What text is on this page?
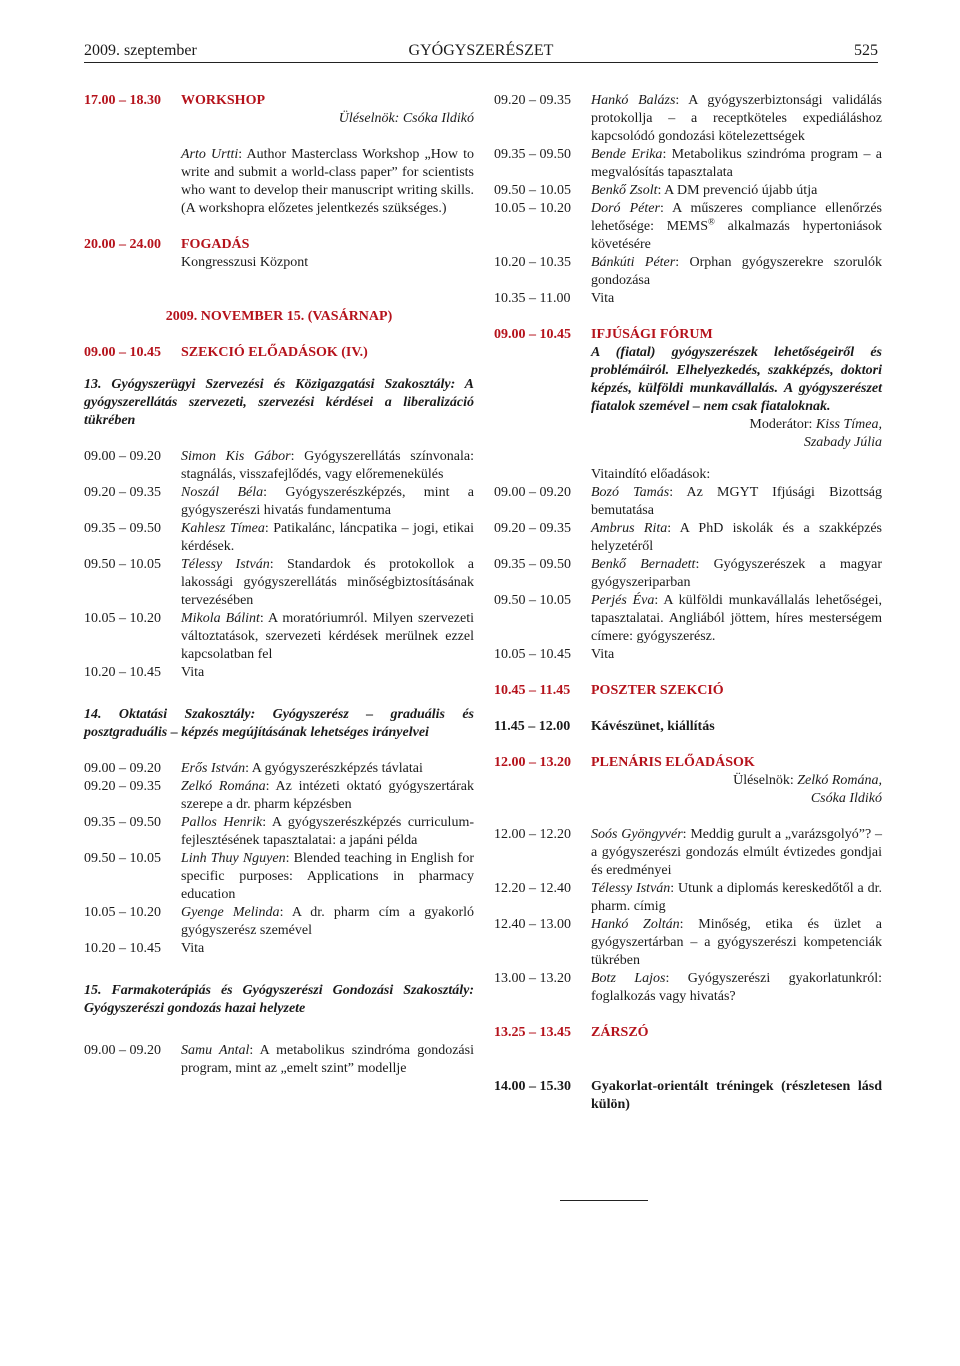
2009. szeptember	GYÓGYSZERÉSZET	525
17.00 – 18.30	WORKSHOP
Üléselnök: Csóka Ildikó
Arto Urtti: Author Masterclass Workshop „How to write and submit a world-class paper” for scientists who want to develop their manuscript writing skills. (A workshopra előzetes jelentkezés szükséges.)
20.00 – 24.00	FOGADÁS
Kongresszusi Központ
2009. NOVEMBER 15. (VASÁRNAP)
09.00 – 10.45	SZEKCIÓ ELŐADÁSOK (IV.)
13. Gyógyszerügyi Szervezési és Közigazgatási Szakosztály: A gyógyszerellátás szervezeti, szervezési kérdései a liberalizáció tükrében
09.00 – 09.20	Simon Kis Gábor: Gyógyszerellátás színvonala: stagnálás, visszafejlődés, vagy előremenekülés
09.20 – 09.35	Noszál Béla: Gyógyszerészképzés, mint a gyógyszerészi hivatás fundamentuma
09.35 – 09.50	Kahlesz Tímea: Patikalánc, láncpatika – jogi, etikai kérdések.
09.50 – 10.05	Télessy István: Standardok és protokollok a lakossági gyógyszerellátás minőségbiztosításának tervezésében
10.05 – 10.20	Mikola Bálint: A moratóriumról. Milyen szervezeti változtatások, szervezeti kérdések merülnek ezzel kapcsolatban fel
10.20 – 10.45	Vita
14. Oktatási Szakosztály: Gyógyszerész – graduális és posztgraduális – képzés megújításának lehetséges irányelvei
09.00 – 09.20	Erős István: A gyógyszerészképzés távlatai
09.20 – 09.35	Zelkó Romána: Az intézeti oktató gyógyszertárak szerepe a dr. pharm képzésben
09.35 – 09.50	Pallos Henrik: A gyógyszerészképzés curriculum-fejlesztésének tapasztalatai: a japáni példa
09.50 – 10.05	Linh Thuy Nguyen: Blended teaching in English for specific purposes: Applications in pharmacy education
10.05 – 10.20	Gyenge Melinda: A dr. pharm cím a gyakorló gyógyszerész szemével
10.20 – 10.45	Vita
15. Farmakoterápiás és Gyógyszerészi Gondozási Szakosztály: Gyógyszerészi gondozás hazai helyzete
09.00 – 09.20	Samu Antal: A metabolikus szindróma gondozási program, mint az „emelt szint” modellje
09.20 – 09.35	Hankó Balázs: A gyógyszerbiztonsági validálás protokollja – a receptköteles expediáláshoz kapcsolódó gondozási kötelezettségek
09.35 – 09.50	Bende Erika: Metabolikus szindróma program – a megvalósítás tapasztalata
09.50 – 10.05	Benkő Zsolt: A DM prevenció újabb útja
10.05 – 10.20	Doró Péter: A műszeres compliance ellenőrzés lehetősége: MEMS® alkalmazás hypertoniások követésére
10.20 – 10.35	Bánkúti Péter: Orphan gyógyszerekre szorulók gondozása
10.35 – 11.00	Vita
09.00 – 10.45	IFJÚSÁGI FÓRUM
A (fiatal) gyógyszerészek lehetőségeiről és problémáiról. Elhelyezkedés, szakképzés, doktori képzés, külföldi munkavállalás. A gyógyszerészet fiatalok szemével – nem csak fiataloknak.
Moderátor: Kiss Tímea,
Szabady Júlia
Vitaindító előadások:
09.00 – 09.20	Bozó Tamás: Az MGYT Ifjúsági Bizottság bemutatása
09.20 – 09.35	Ambrus Rita: A PhD iskolák és a szakképzés helyzetéről
09.35 – 09.50	Benkő Bernadett: Gyógyszerészek a magyar gyógyszeriparban
09.50 – 10.05	Perjés Éva: A külföldi munkavállalás lehetőségei, tapasztalatai. Angliából jöttem, híres mesterségem címere: gyógyszerész.
10.05 – 10.45	Vita
10.45 – 11.45	POSZTER SZEKCIÓ
11.45 – 12.00	Kávészünet, kiállítás
12.00 – 13.20	PLENÁRIS ELŐADÁSOK
Üléselnök: Zelkó Romána,
Csóka Ildikó
12.00 – 12.20	Soós Gyöngyvér: Meddig gurult a „varázsgolyó”? – a gyógyszerészi gondozás elmúlt évtizedes gondjai és eredményei
12.20 – 12.40	Télessy István: Utunk a diplomás kereskedőtől a dr. pharm. címig
12.40 – 13.00	Hankó Zoltán: Minőség, etika és üzlet a gyógyszertárban – a gyógyszerészi kompetenciák tükrében
13.00 – 13.20	Botz Lajos: Gyógyszerészi gyakorlatunkról: foglalkozás vagy hivatás?
13.25 – 13.45	ZÁRSZÓ
14.00 – 15.30	Gyakorlat-orientált tréningek (részletesen lásd külön)
